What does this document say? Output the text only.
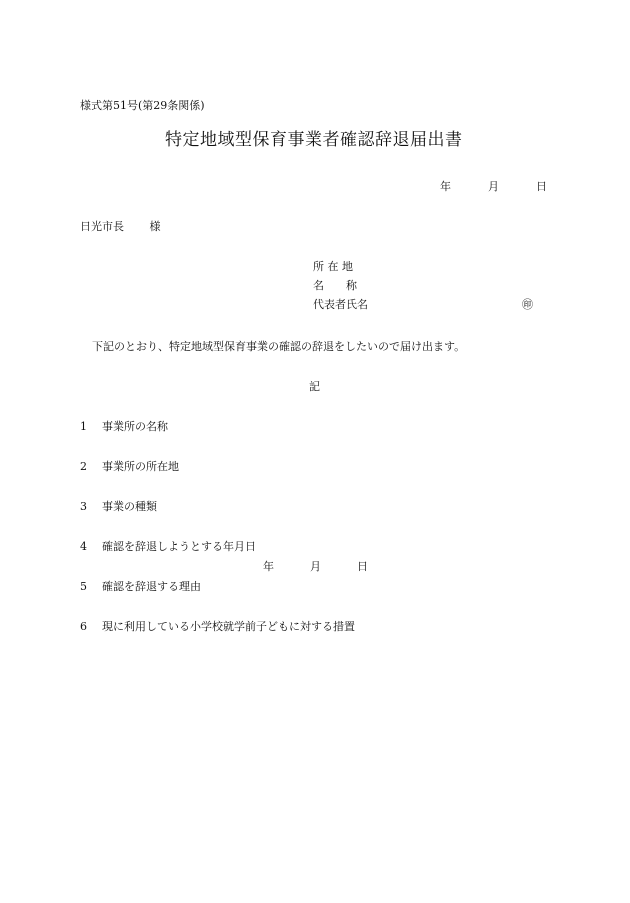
様式第51号(第29条関係)
特定地域型保育事業者確認辞退届出書
年	月	日
日光市長 様
所 在 地
名　　称
代表者氏名	㊞
下記のとおり、特定地域型保育事業の確認の辞退をしたいので届け出ます。
記
1 事業所の名称
2 事業所の所在地
3 事業の種類
4 確認を辞退しようとする年月日
年	月	日
5 確認を辞退する理由
6 現に利用している小学校就学前子どもに対する措置
